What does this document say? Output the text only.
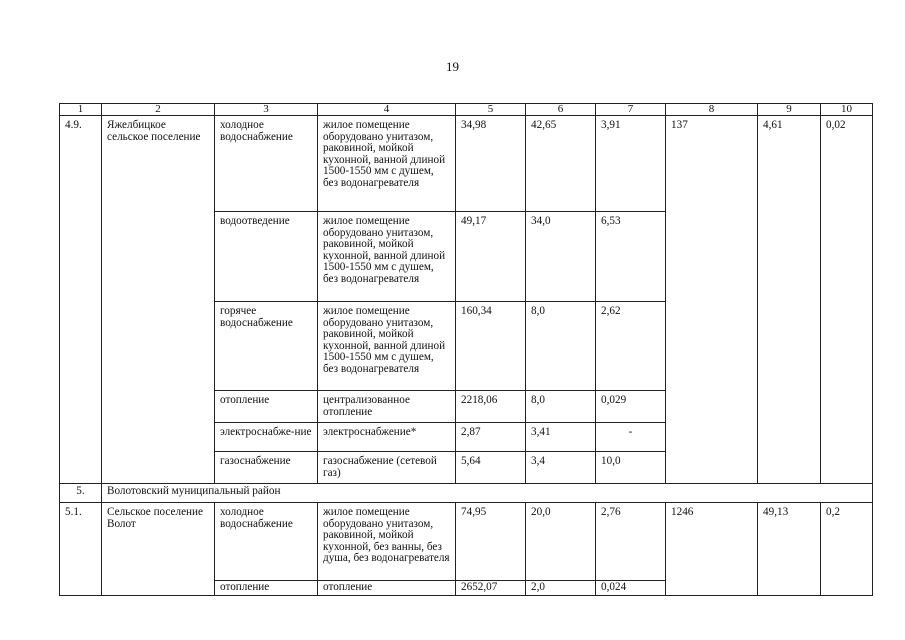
19
1	2	3	4	5	6	7	8	9	10
4.9.	Яжелбицкое сельское поселение	холодное водоснабжение	жилое помещение оборудовано унитазом, раковиной, мойкой кухонной, ванной длиной 1500-1550 мм с душем, без водонагревателя	34,98	42,65	3,91	137	4,61	0,02
		водоотведение	жилое помещение оборудовано унитазом, раковиной, мойкой кухонной, ванной длиной 1500-1550 мм с душем, без водонагревателя	49,17	34,0	6,53			
		горячее водоснабжение	жилое помещение оборудовано унитазом, раковиной, мойкой кухонной, ванной длиной 1500-1550 мм с душем, без водонагревателя	160,34	8,0	2,62			
		отопление	централизованное отопление	2218,06	8,0	0,029			
		электроснабже-ние	электроснабжение*	2,87	3,41	-			
		газоснабжение	газоснабжение (сетевой газ)	5,64	3,4	10,0			
5.	Волотовский муниципальный район								
5.1.	Сельское поселение Волот	холодное водоснабжение	жилое помещение оборудовано унитазом, раковиной, мойкой кухонной, без ванны, без душа, без водонагревателя	74,95	20,0	2,76	1246	49,13	0,2
		отопление	отопление	2652,07	2,0	0,024			
